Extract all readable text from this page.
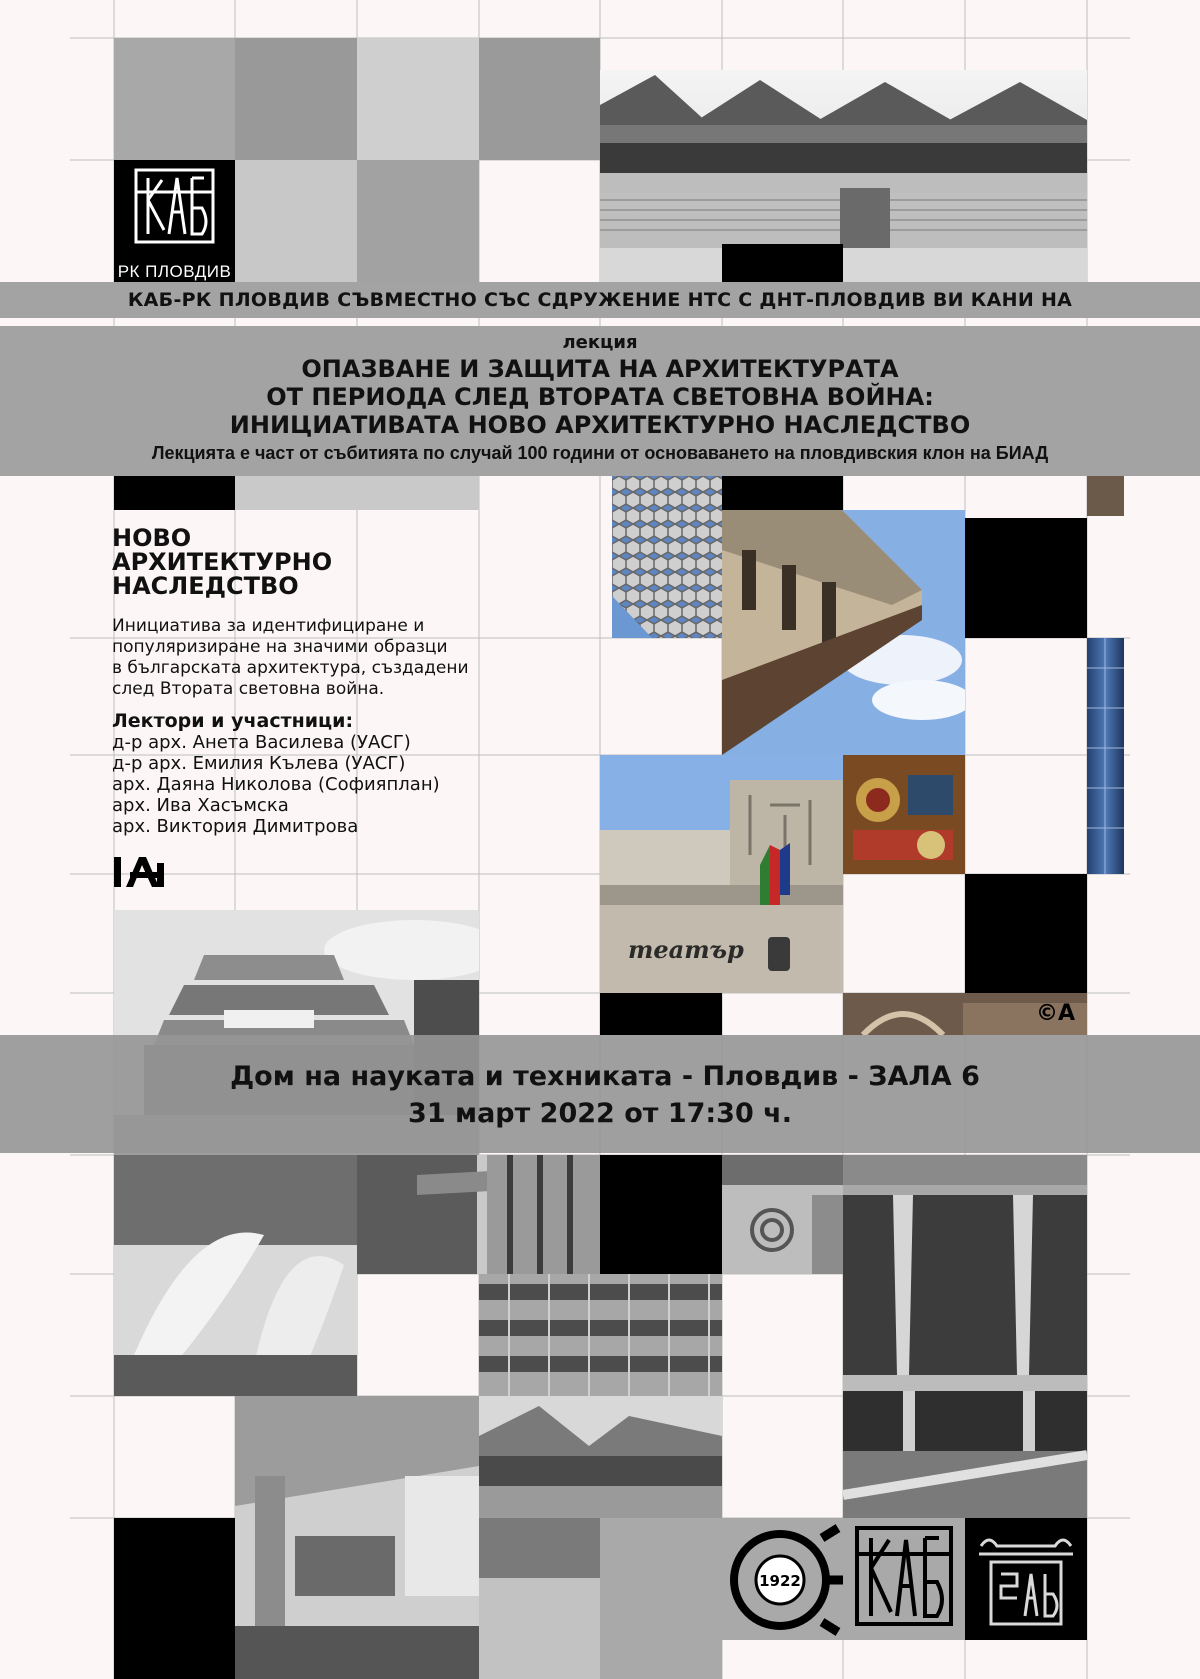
РК ПЛОВДИВ
КАБ-РК ПЛОВДИВ СЪВМЕСТНО СЪС СДРУЖЕНИЕ НТС С ДНТ-ПЛОВДИВ ВИ КАНИ НА
лекция
ОПАЗВАНЕ И ЗАЩИТА НА АРХИТЕКТУРАТА
ОТ ПЕРИОДА СЛЕД ВТОРАТА СВЕТОВНА ВОЙНА:
ИНИЦИАТИВАТА НОВО АРХИТЕКТУРНО НАСЛЕДСТВО
Лекцията е част от събитията по случай 100 години от основаването на пловдивския клон на БИАД
НОВО
АРХИТЕКТУРНО
НАСЛЕДСТВО
Инициатива за идентифициране и
популяризиране на значими образци
в българската архитектура, създадени
след Втората световна война.
Лектори и участници:
д-р арх. Анета Василева (УАСГ)
д-р арх. Емилия Кълева (УАСГ)
арх. Даяна Николова (Софияплан)
арх. Ива Хасъмска
арх. Виктория Димитрова
театър
©A
Дом на науката и техниката - Пловдив - ЗАЛА 6
31 март 2022 от 17:30 ч.
1922
